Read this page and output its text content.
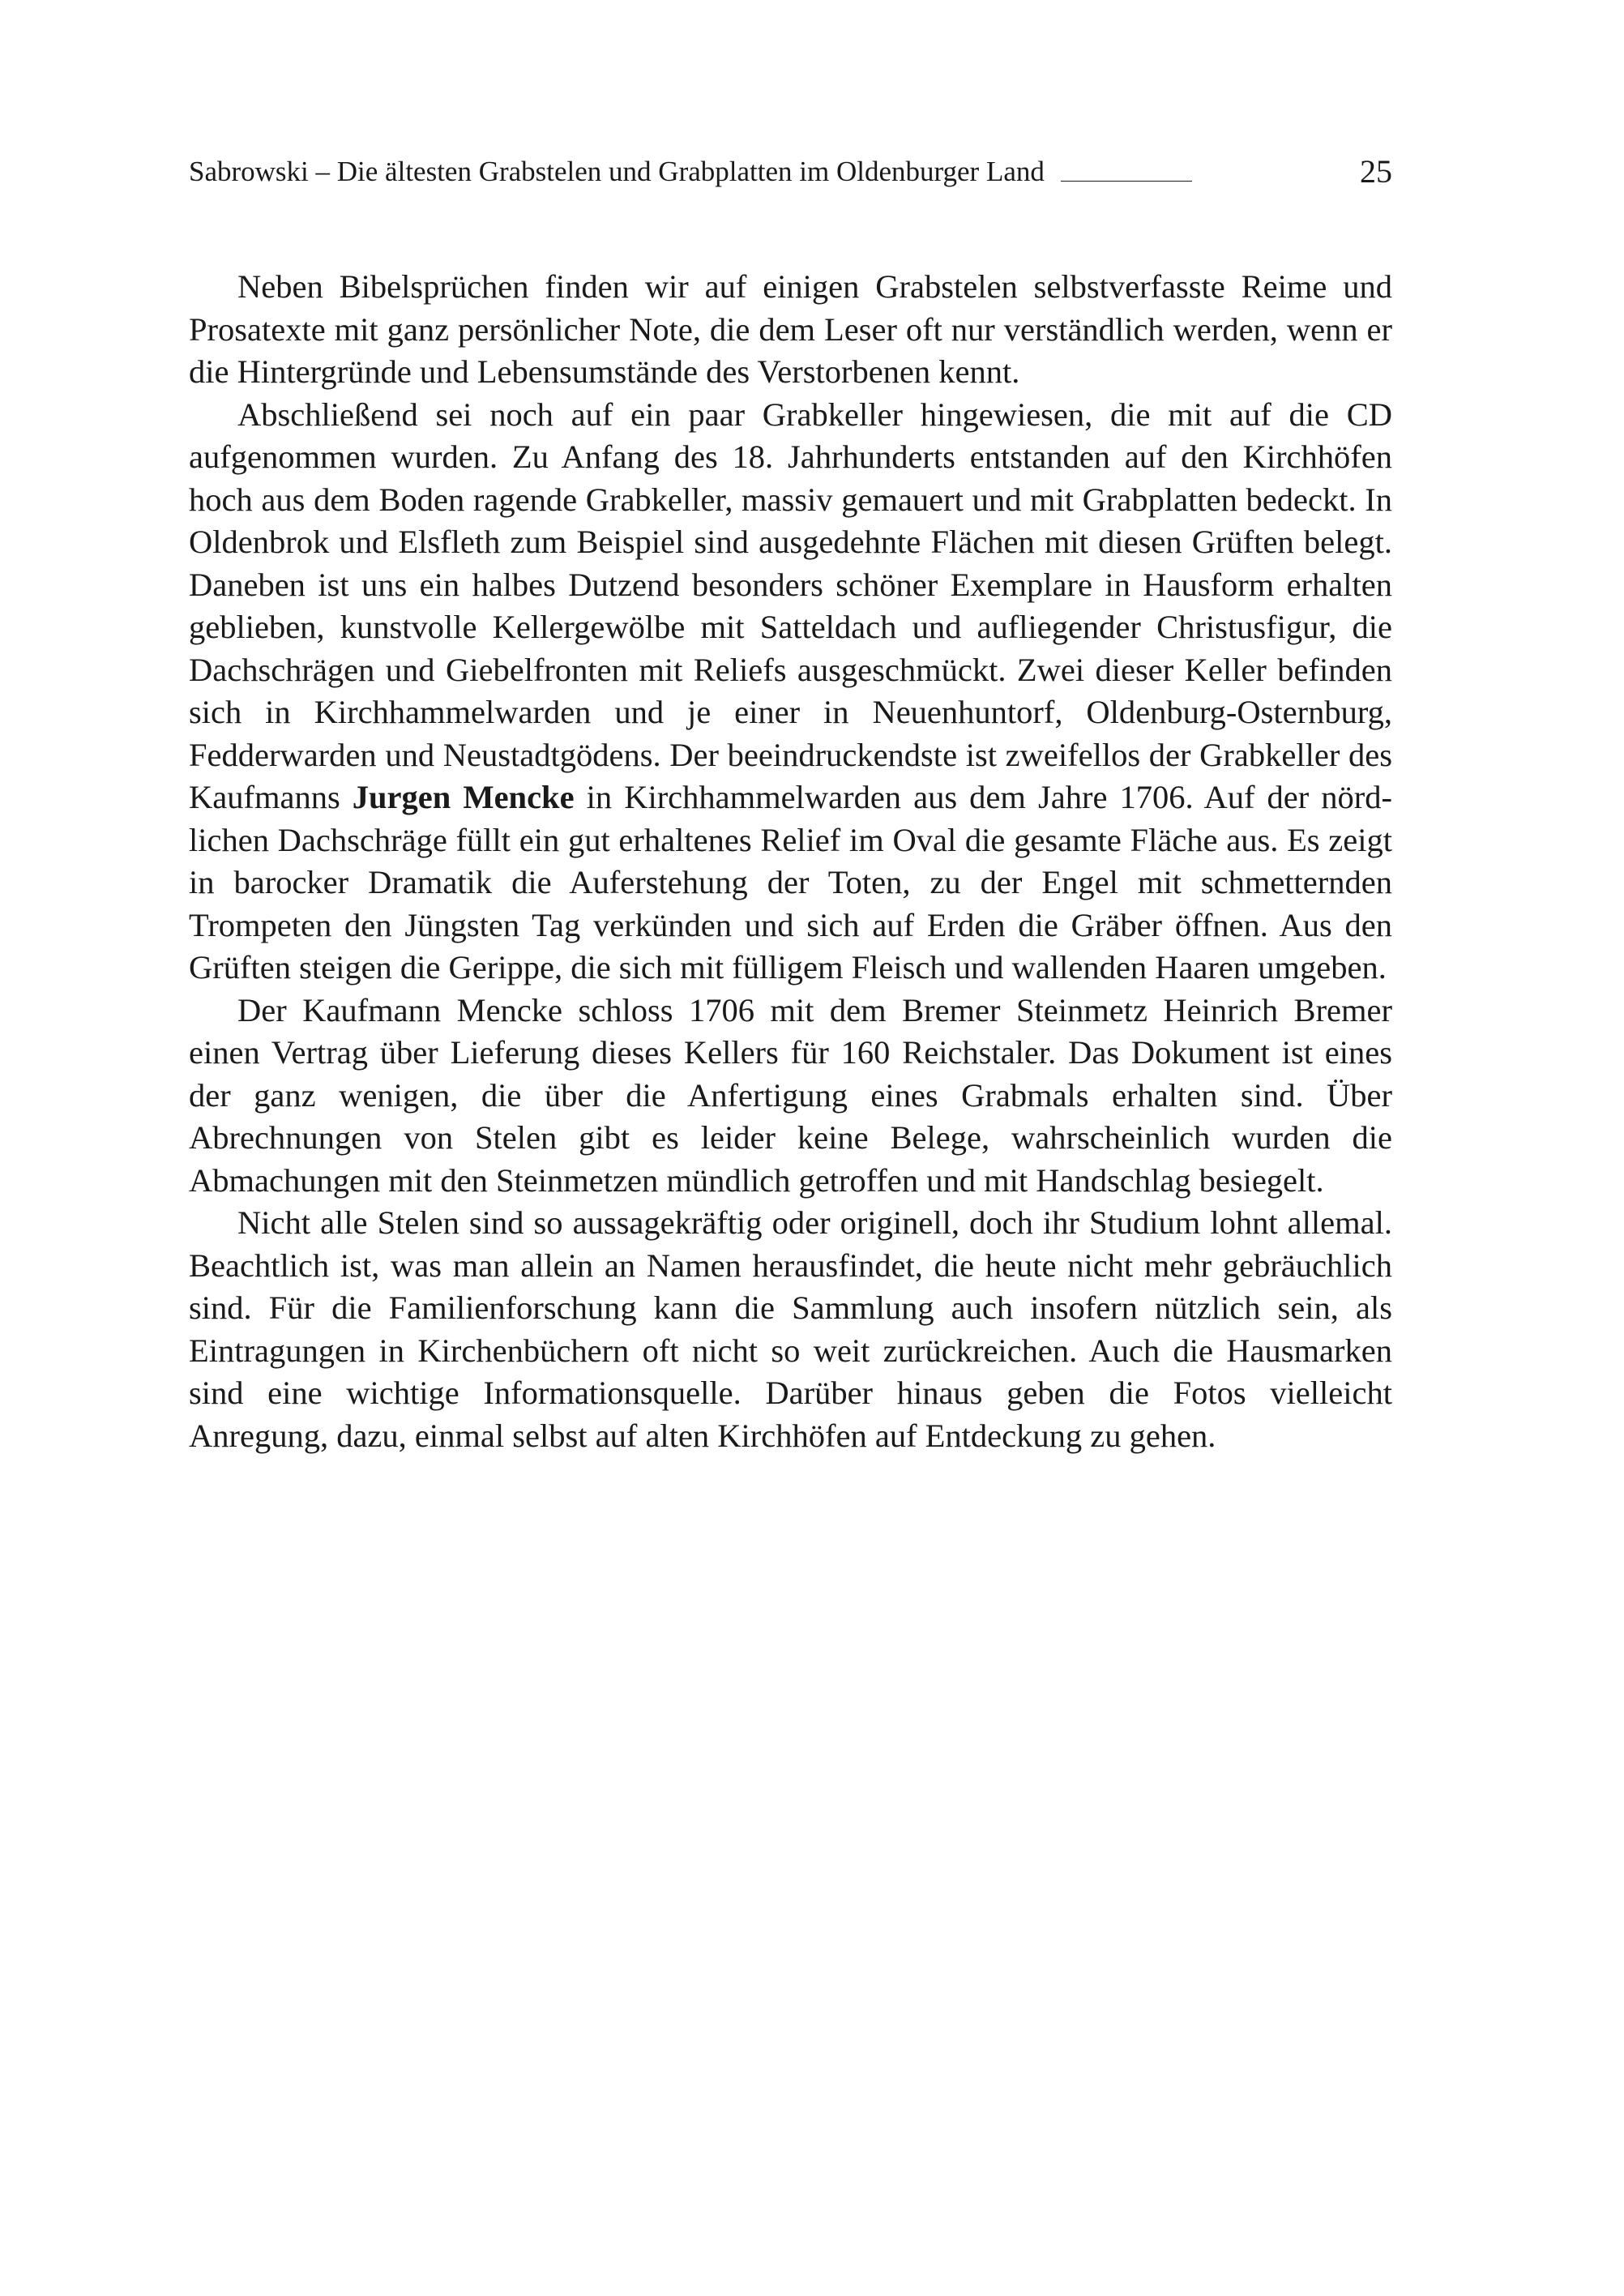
Sabrowski – Die ältesten Grabstelen und Grabplatten im Oldenburger Land	25

Neben Bibelsprüchen finden wir auf einigen Grabstelen selbstverfasste Reime und Prosatexte mit ganz persönlicher Note, die dem Leser oft nur verständlich werden, wenn er die Hintergründe und Lebensumstände des Verstorbenen kennt.

Abschließend sei noch auf ein paar Grabkeller hingewiesen, die mit auf die CD aufgenommen wurden. Zu Anfang des 18. Jahrhunderts entstanden auf den Kirchhöfen hoch aus dem Boden ragende Grabkeller, massiv gemauert und mit Grabplatten bedeckt. In Oldenbrok und Elsfleth zum Beispiel sind ausgedehnte Flächen mit diesen Grüften belegt. Daneben ist uns ein halbes Dutzend besonders schöner Exemplare in Hausform erhalten geblieben, kunstvolle Kellergewölbe mit Satteldach und aufliegender Christusfigur, die Dachschrägen und Giebelfronten mit Reliefs ausgeschmückt. Zwei dieser Keller befinden sich in Kirchhammelwarden und je einer in Neuenhuntorf, Oldenburg-Osternburg, Fedderwarden und Neustadtgödens. Der beeindruckendste ist zweifellos der Grabkeller des Kaufmanns Jurgen Mencke in Kirchhammelwarden aus dem Jahre 1706. Auf der nördlichen Dachschräge füllt ein gut erhaltenes Relief im Oval die gesamte Fläche aus. Es zeigt in barocker Dramatik die Auferstehung der Toten, zu der Engel mit schmetternden Trompeten den Jüngsten Tag verkünden und sich auf Erden die Gräber öffnen. Aus den Grüften steigen die Gerippe, die sich mit fülligem Fleisch und wallenden Haaren umgeben.

Der Kaufmann Mencke schloss 1706 mit dem Bremer Steinmetz Heinrich Bremer einen Vertrag über Lieferung dieses Kellers für 160 Reichstaler. Das Dokument ist eines der ganz wenigen, die über die Anfertigung eines Grabmals erhalten sind. Über Abrechnungen von Stelen gibt es leider keine Belege, wahrscheinlich wurden die Abmachungen mit den Steinmetzen mündlich getroffen und mit Handschlag besiegelt.

Nicht alle Stelen sind so aussagekräftig oder originell, doch ihr Studium lohnt allemal. Beachtlich ist, was man allein an Namen herausfindet, die heute nicht mehr gebräuchlich sind. Für die Familienforschung kann die Sammlung auch insofern nützlich sein, als Eintragungen in Kirchenbüchern oft nicht so weit zurückreichen. Auch die Hausmarken sind eine wichtige Informationsquelle. Darüber hinaus geben die Fotos vielleicht Anregung, dazu, einmal selbst auf alten Kirchhöfen auf Entdeckung zu gehen.
